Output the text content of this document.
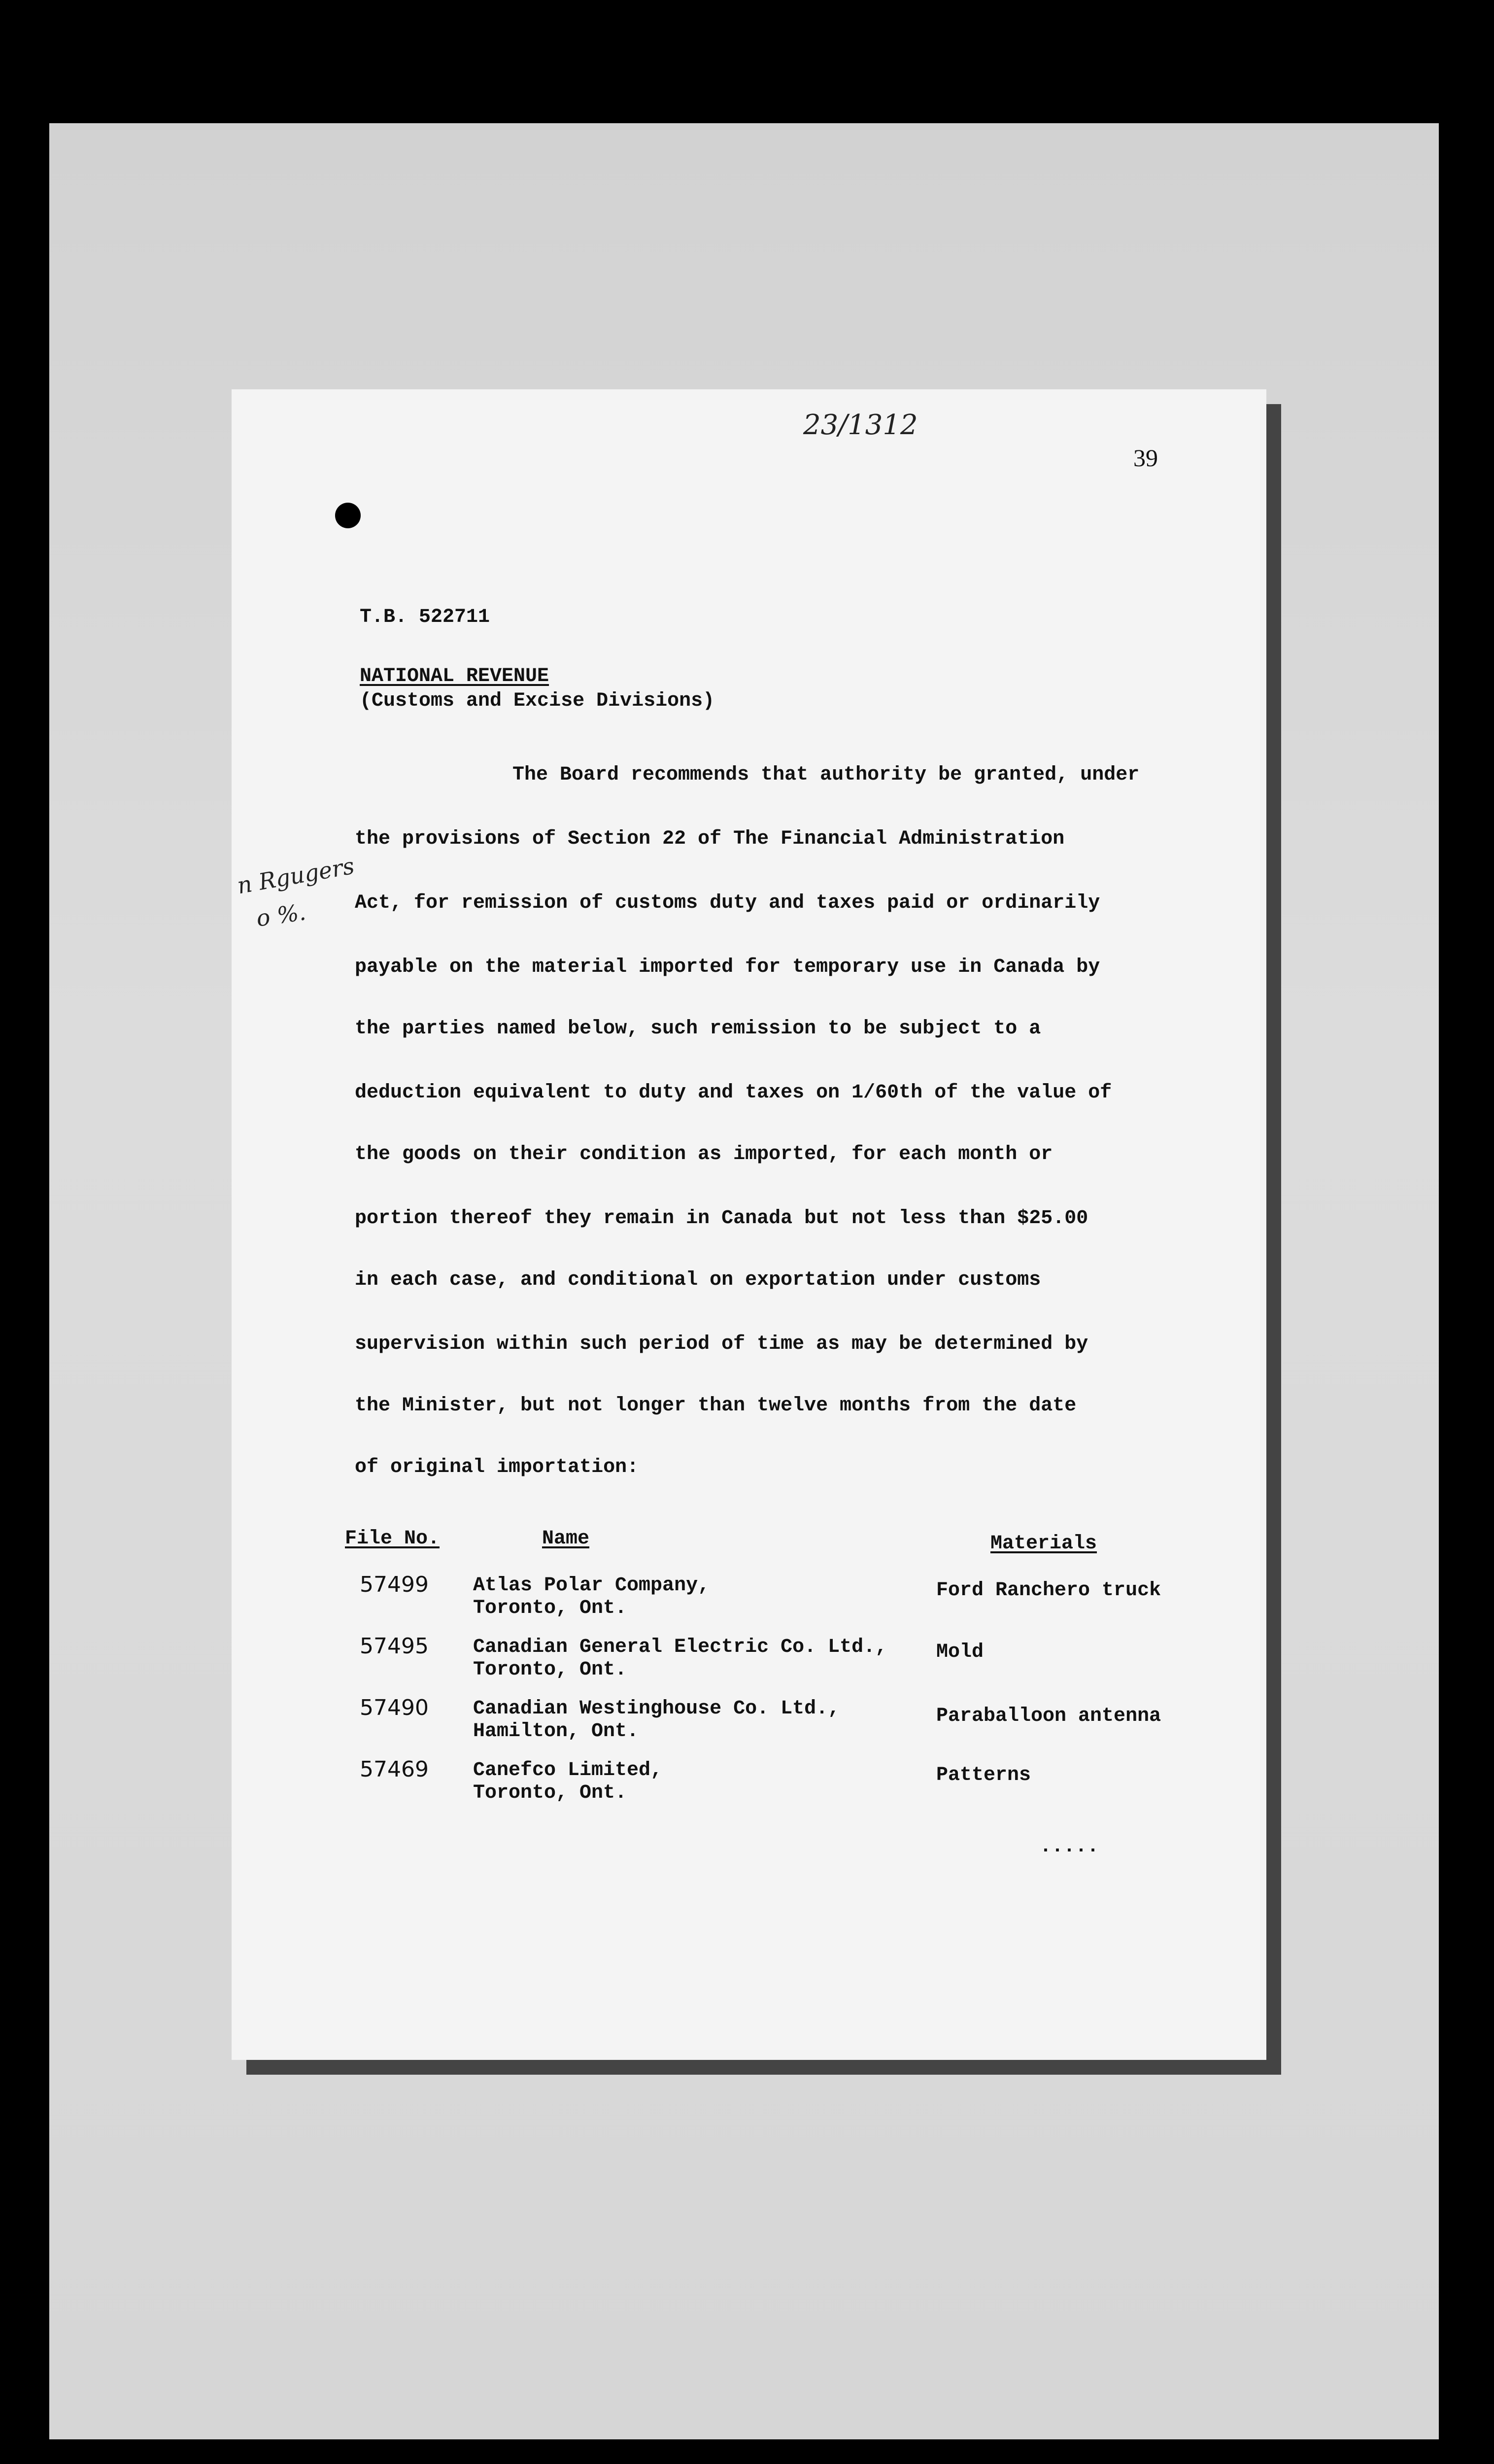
23/1312
39
T.B. 522711
NATIONAL REVENUE
(Customs and Excise Divisions)
n Rgugers
o %.
The Board recommends that authority be granted, under
the provisions of Section 22 of The Financial Administration
Act, for remission of customs duty and taxes paid or ordinarily
payable on the material imported for temporary use in Canada by
the parties named below, such remission to be subject to a
deduction equivalent to duty and taxes on 1/60th of the value of
the goods on their condition as imported, for each month or
portion thereof they remain in Canada but not less than $25.00
in each case, and conditional on exportation under customs
supervision within such period of time as may be determined by
the Minister, but not longer than twelve months from the date
of original importation:
File No.	Name	Materials
57499 Atlas Polar Company,
Toronto, Ont.
Ford Ranchero truck
57495 Canadian General Electric Co. Ltd.,
Toronto, Ont.
Mold
57490 Canadian Westinghouse Co. Ltd.,
Hamilton, Ont.
Paraballoon antenna
57469 Canefco Limited,
Toronto, Ont.
Patterns
.....
